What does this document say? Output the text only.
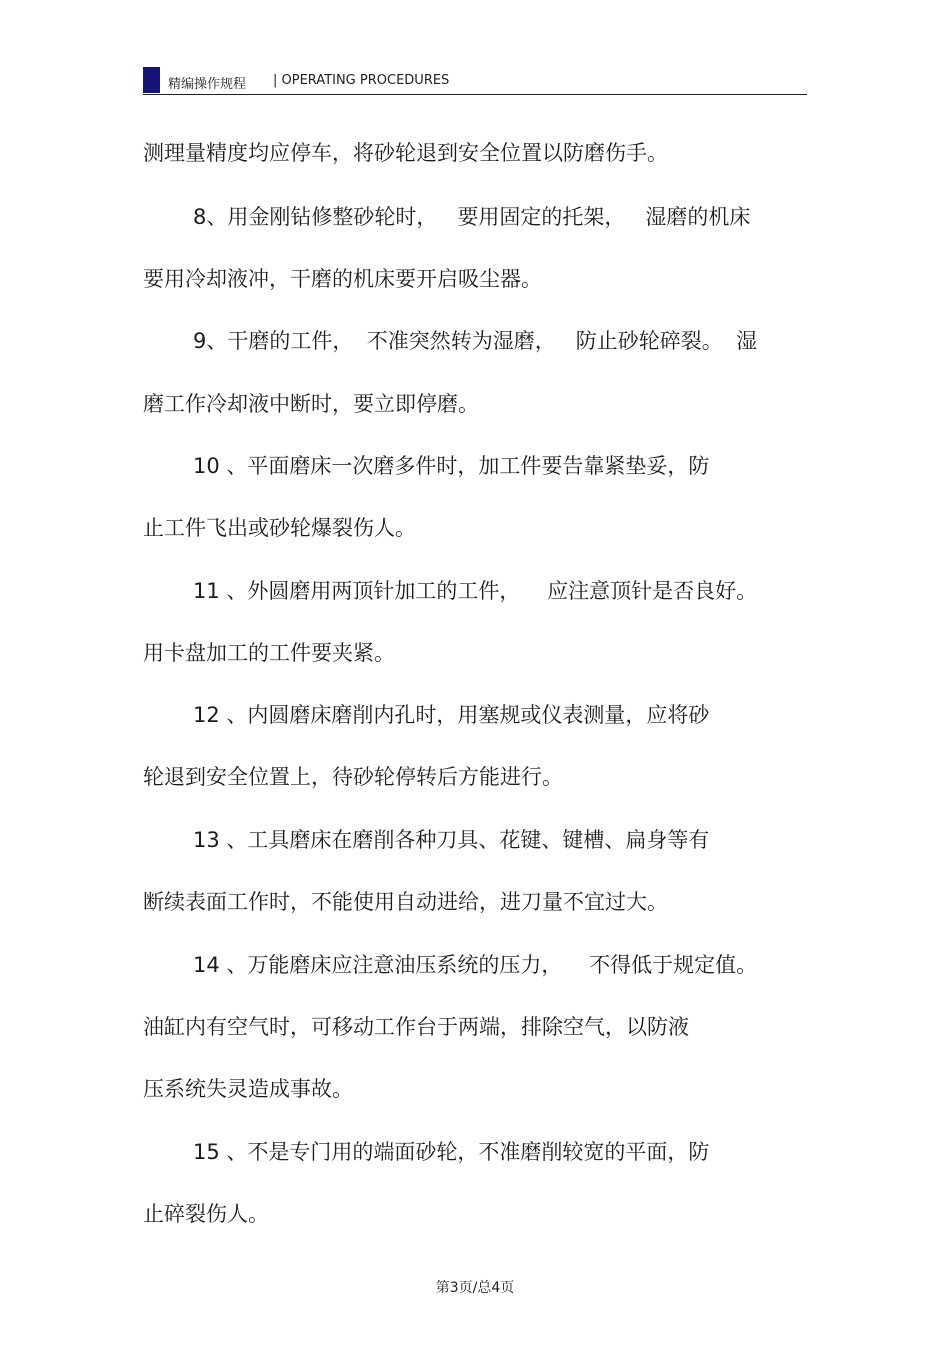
精编操作规程 | OPERATING PROCEDURES
测理量精度均应停车，将砂轮退到安全位置以防磨伤手。
8、用金刚钻修整砂轮时，   要用固定的托架，   湿磨的机床
要用冷却液冲，干磨的机床要开启吸尘器。
9、干磨的工件，  不准突然转为湿磨，   防止砂轮碎裂。  湿
磨工作冷却液中断时，要立即停磨。
10 、平面磨床一次磨多件时，加工件要告靠紧垫妥，防
止工件飞出或砂轮爆裂伤人。
11 、外圆磨用两顶针加工的工件，    应注意顶针是否良好。
用卡盘加工的工件要夹紧。
12 、内圆磨床磨削内孔时，用塞规或仪表测量，应将砂
轮退到安全位置上，待砂轮停转后方能进行。
13 、工具磨床在磨削各种刀具、花键、键槽、扁身等有
断续表面工作时，不能使用自动进给，进刀量不宜过大。
14 、万能磨床应注意油压系统的压力，    不得低于规定值。
油缸内有空气时，可移动工作台于两端，排除空气，以防液
压系统失灵造成事故。
15 、不是专门用的端面砂轮，不准磨削较宽的平面，防
止碎裂伤人。
第3页/总4页
